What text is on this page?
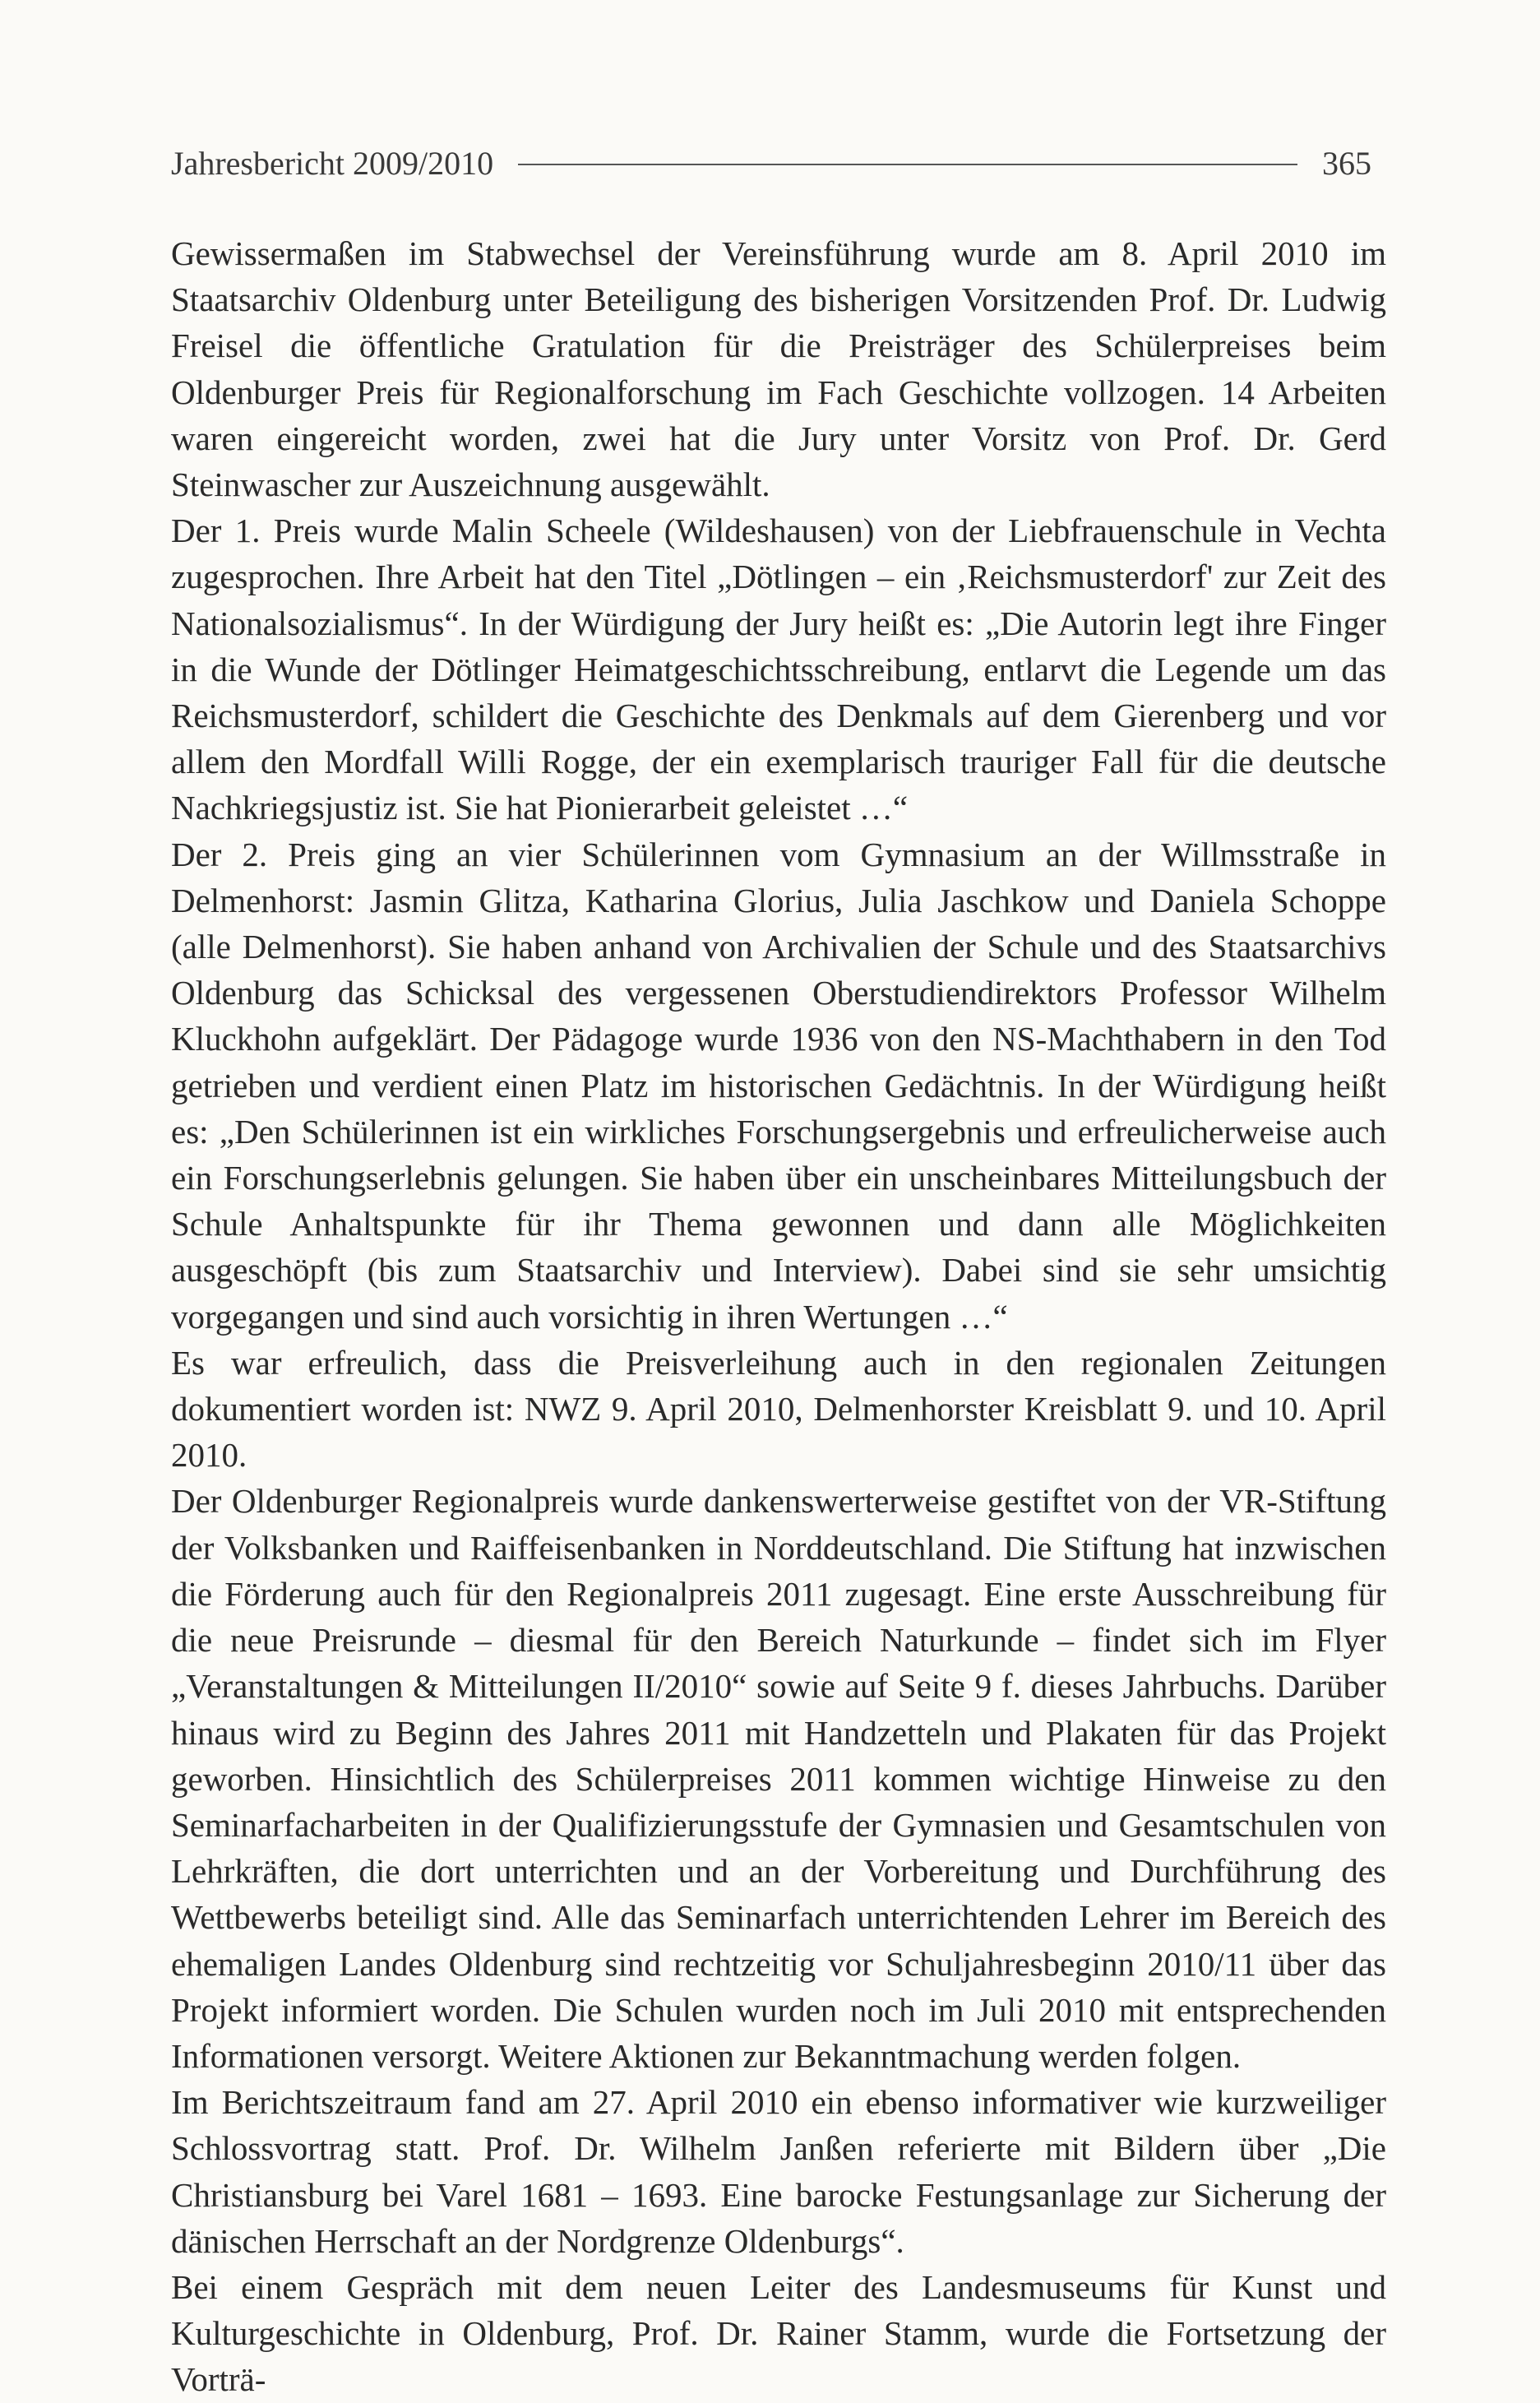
Jahresbericht 2009/2010	365

Gewissermaßen im Stabwechsel der Vereinsführung wurde am 8. April 2010 im Staatsarchiv Oldenburg unter Beteiligung des bisherigen Vorsitzenden Prof. Dr. Ludwig Freisel die öffentliche Gratulation für die Preisträger des Schülerpreises beim Oldenburger Preis für Regionalforschung im Fach Geschichte vollzogen. 14 Arbeiten waren eingereicht worden, zwei hat die Jury unter Vorsitz von Prof. Dr. Gerd Steinwascher zur Auszeichnung ausgewählt.

Der 1. Preis wurde Malin Scheele (Wildeshausen) von der Liebfrauenschule in Vechta zugesprochen. Ihre Arbeit hat den Titel „Dötlingen – ein ‚Reichsmusterdorf' zur Zeit des Nationalsozialismus“. In der Würdigung der Jury heißt es: „Die Autorin legt ihre Finger in die Wunde der Dötlinger Heimatgeschichtsschreibung, entlarvt die Legende um das Reichsmusterdorf, schildert die Geschichte des Denkmals auf dem Gierenberg und vor allem den Mordfall Willi Rogge, der ein exemplarisch trauriger Fall für die deutsche Nachkriegsjustiz ist. Sie hat Pionierarbeit geleistet …“

Der 2. Preis ging an vier Schülerinnen vom Gymnasium an der Willmsstraße in Delmenhorst: Jasmin Glitza, Katharina Glorius, Julia Jaschkow und Daniela Schoppe (alle Delmenhorst). Sie haben anhand von Archivalien der Schule und des Staatsarchivs Oldenburg das Schicksal des vergessenen Oberstudiendirektors Professor Wilhelm Kluckhohn aufgeklärt. Der Pädagoge wurde 1936 von den NS-Machthabern in den Tod getrieben und verdient einen Platz im historischen Gedächtnis. In der Würdigung heißt es: „Den Schülerinnen ist ein wirkliches Forschungsergebnis und erfreulicherweise auch ein Forschungserlebnis gelungen. Sie haben über ein unscheinbares Mitteilungsbuch der Schule Anhaltspunkte für ihr Thema gewonnen und dann alle Möglichkeiten ausgeschöpft (bis zum Staatsarchiv und Interview). Dabei sind sie sehr umsichtig vorgegangen und sind auch vorsichtig in ihren Wertungen …“

Es war erfreulich, dass die Preisverleihung auch in den regionalen Zeitungen dokumentiert worden ist: NWZ 9. April 2010, Delmenhorster Kreisblatt 9. und 10. April 2010.

Der Oldenburger Regionalpreis wurde dankenswerterweise gestiftet von der VR-Stiftung der Volksbanken und Raiffeisenbanken in Norddeutschland. Die Stiftung hat inzwischen die Förderung auch für den Regionalpreis 2011 zugesagt. Eine erste Ausschreibung für die neue Preisrunde – diesmal für den Bereich Naturkunde – findet sich im Flyer „Veranstaltungen & Mitteilungen II/2010“ sowie auf Seite 9 f. dieses Jahrbuchs. Darüber hinaus wird zu Beginn des Jahres 2011 mit Handzetteln und Plakaten für das Projekt geworben. Hinsichtlich des Schülerpreises 2011 kommen wichtige Hinweise zu den Seminarfacharbeiten in der Qualifizierungsstufe der Gymnasien und Gesamtschulen von Lehrkräften, die dort unterrichten und an der Vorbereitung und Durchführung des Wettbewerbs beteiligt sind. Alle das Seminarfach unterrichtenden Lehrer im Bereich des ehemaligen Landes Oldenburg sind rechtzeitig vor Schuljahresbeginn 2010/11 über das Projekt informiert worden. Die Schulen wurden noch im Juli 2010 mit entsprechenden Informationen versorgt. Weitere Aktionen zur Bekanntmachung werden folgen.

Im Berichtszeitraum fand am 27. April 2010 ein ebenso informativer wie kurzweiliger Schlossvortrag statt. Prof. Dr. Wilhelm Janßen referierte mit Bildern über „Die Christiansburg bei Varel 1681 – 1693. Eine barocke Festungsanlage zur Sicherung der dänischen Herrschaft an der Nordgrenze Oldenburgs“.

Bei einem Gespräch mit dem neuen Leiter des Landesmuseums für Kunst und Kulturgeschichte in Oldenburg, Prof. Dr. Rainer Stamm, wurde die Fortsetzung der Vorträ-
